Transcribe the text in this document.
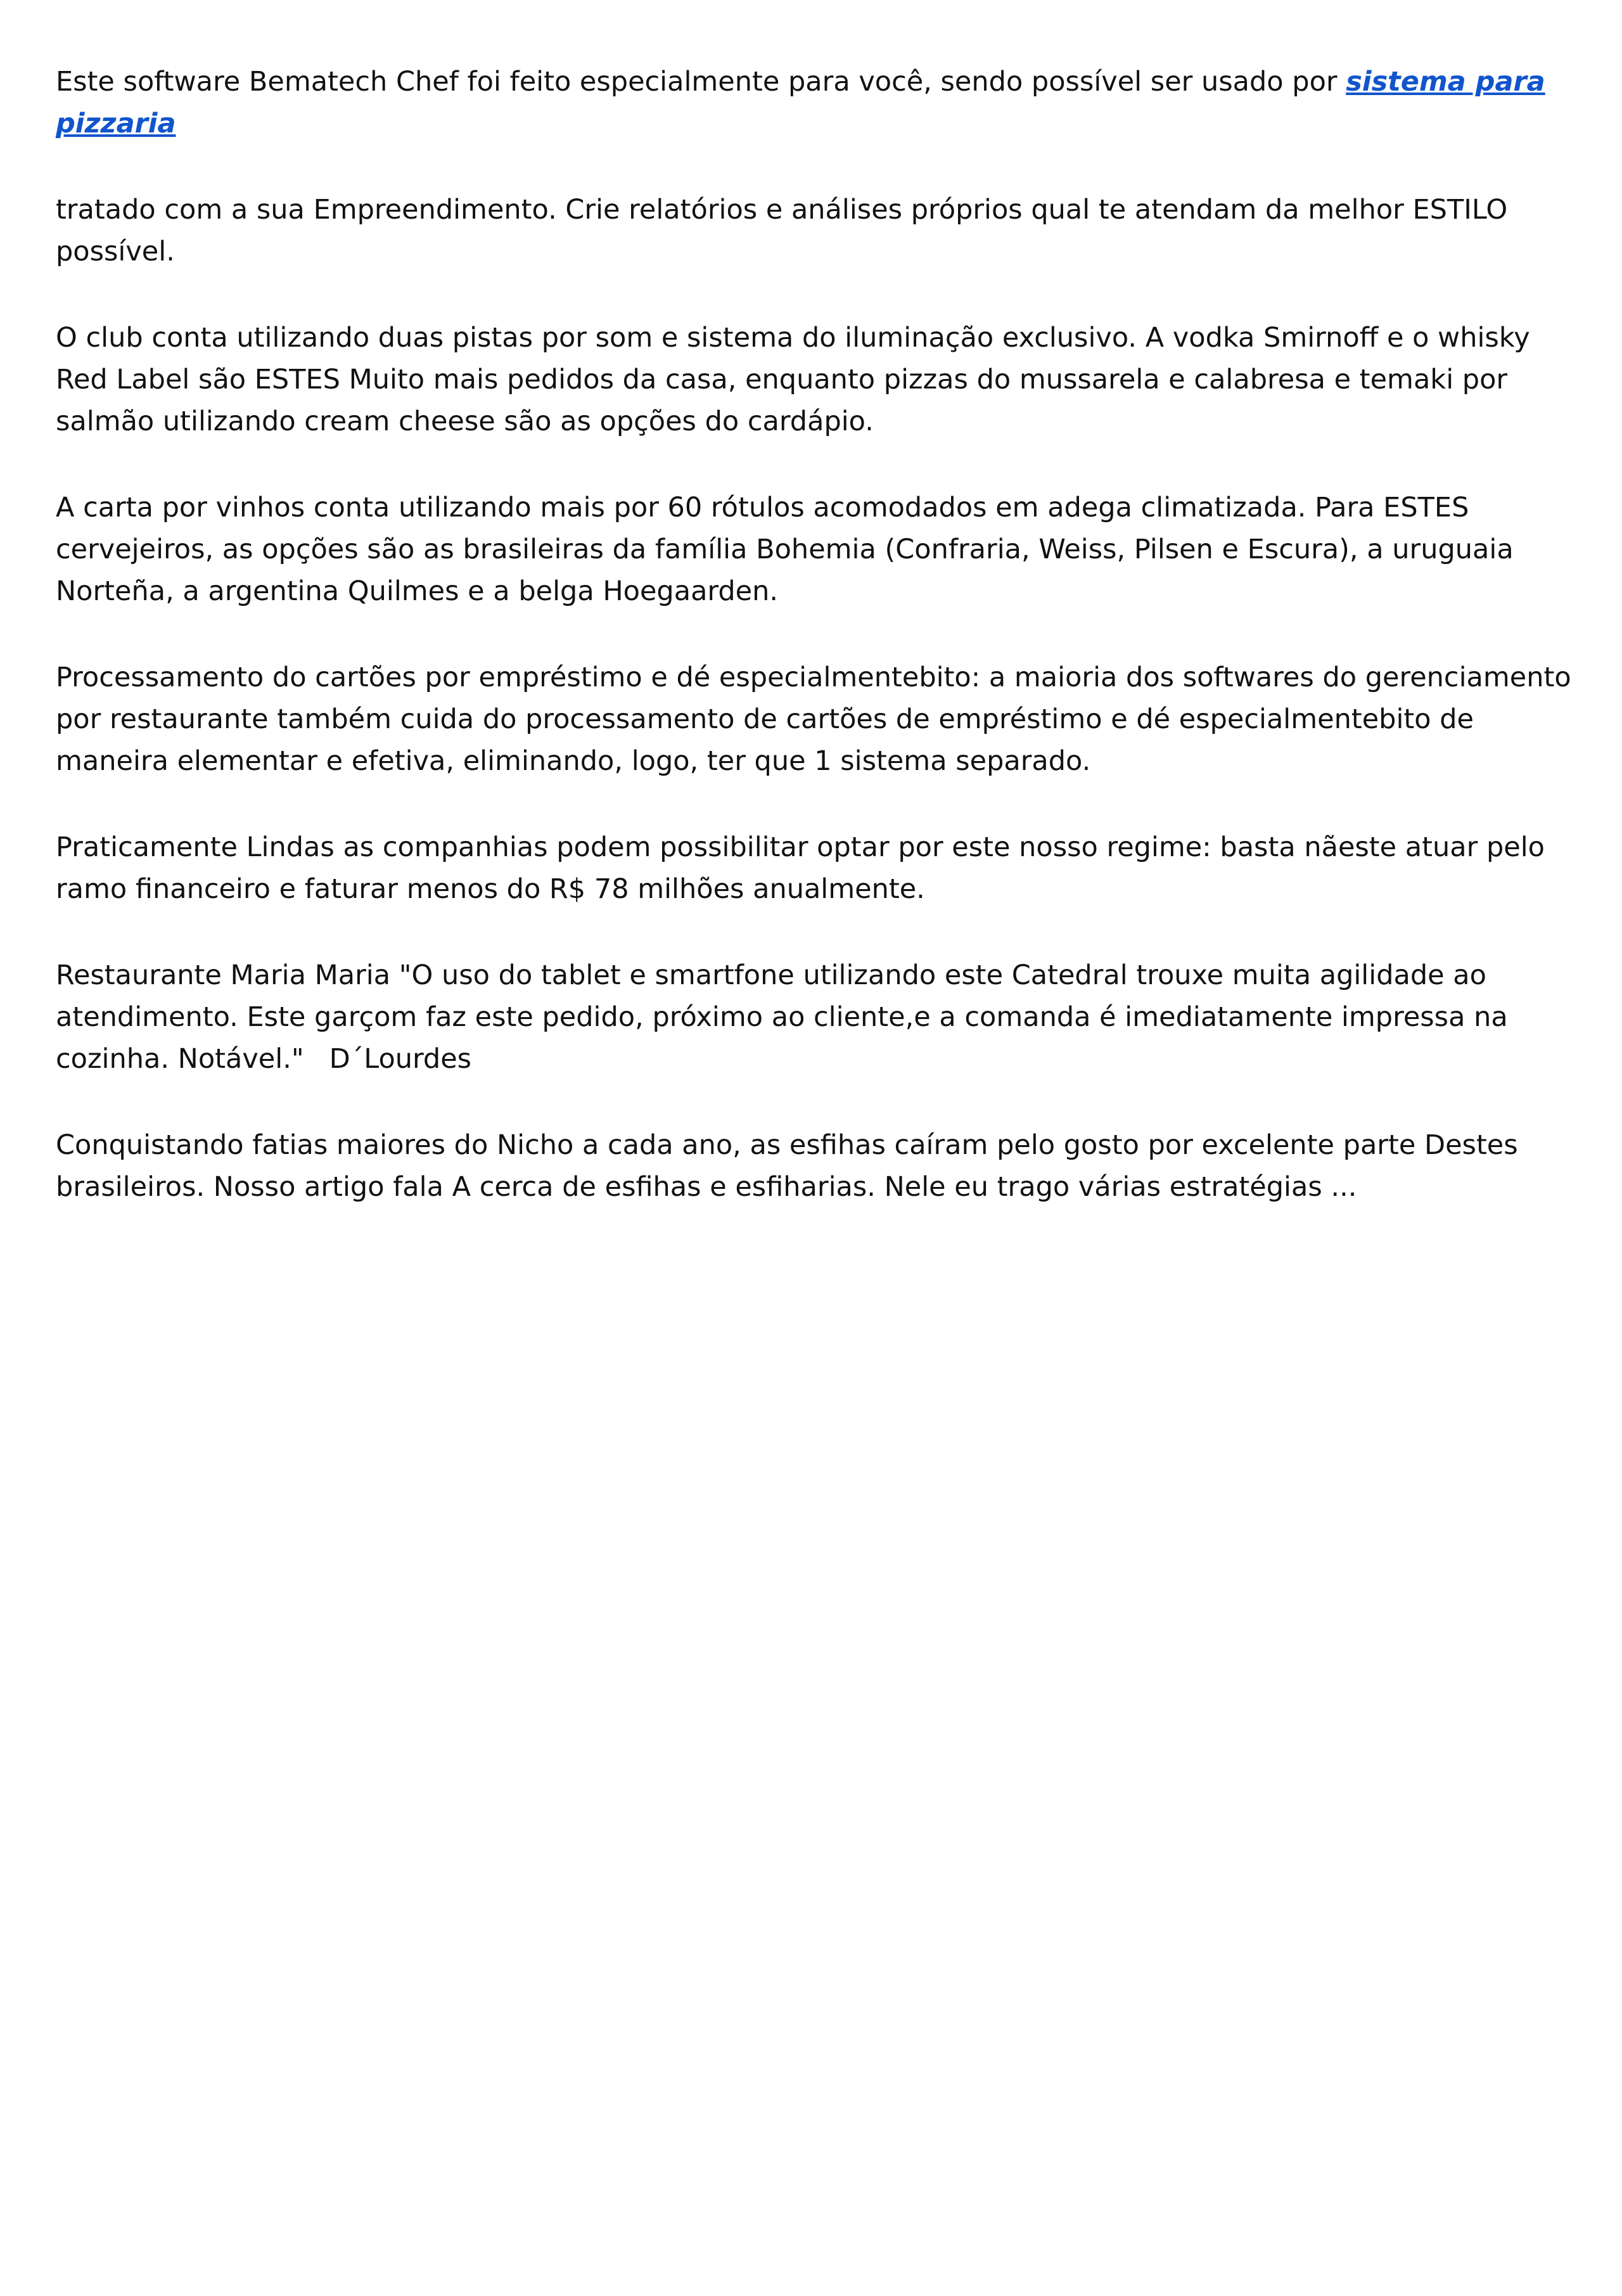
Este software Bematech Chef foi feito especialmente para você, sendo possível ser usado por sistema para pizzaria

tratado com a sua Empreendimento. Crie relatórios e análises próprios qual te atendam da melhor ESTILO possível.

O club conta utilizando duas pistas por som e sistema do iluminação exclusivo. A vodka Smirnoff e o whisky Red Label são ESTES Muito mais pedidos da casa, enquanto pizzas do mussarela e calabresa e temaki por salmão utilizando cream cheese são as opções do cardápio.

A carta por vinhos conta utilizando mais por 60 rótulos acomodados em adega climatizada. Para ESTES cervejeiros, as opções são as brasileiras da família Bohemia (Confraria, Weiss, Pilsen e Escura), a uruguaia Norteña, a argentina Quilmes e a belga Hoegaarden.

Processamento do cartões por empréstimo e dé especialmentebito: a maioria dos softwares do gerenciamento por restaurante também cuida do processamento de cartões de empréstimo e dé especialmentebito de maneira elementar e efetiva, eliminando, logo, ter que 1 sistema separado.

Praticamente Lindas as companhias podem possibilitar optar por este nosso regime: basta nãeste atuar pelo ramo financeiro e faturar menos do R$ 78 milhões anualmente.

Restaurante Maria Maria "O uso do tablet e smartfone utilizando este Catedral trouxe muita agilidade ao atendimento. Este garçom faz este pedido, próximo ao cliente,e a comanda é imediatamente impressa na cozinha. Notável." D´Lourdes

Conquistando fatias maiores do Nicho a cada ano, as esfihas caíram pelo gosto por excelente parte Destes brasileiros. Nosso artigo fala A cerca de esfihas e esfiharias. Nele eu trago várias estratégias ...
